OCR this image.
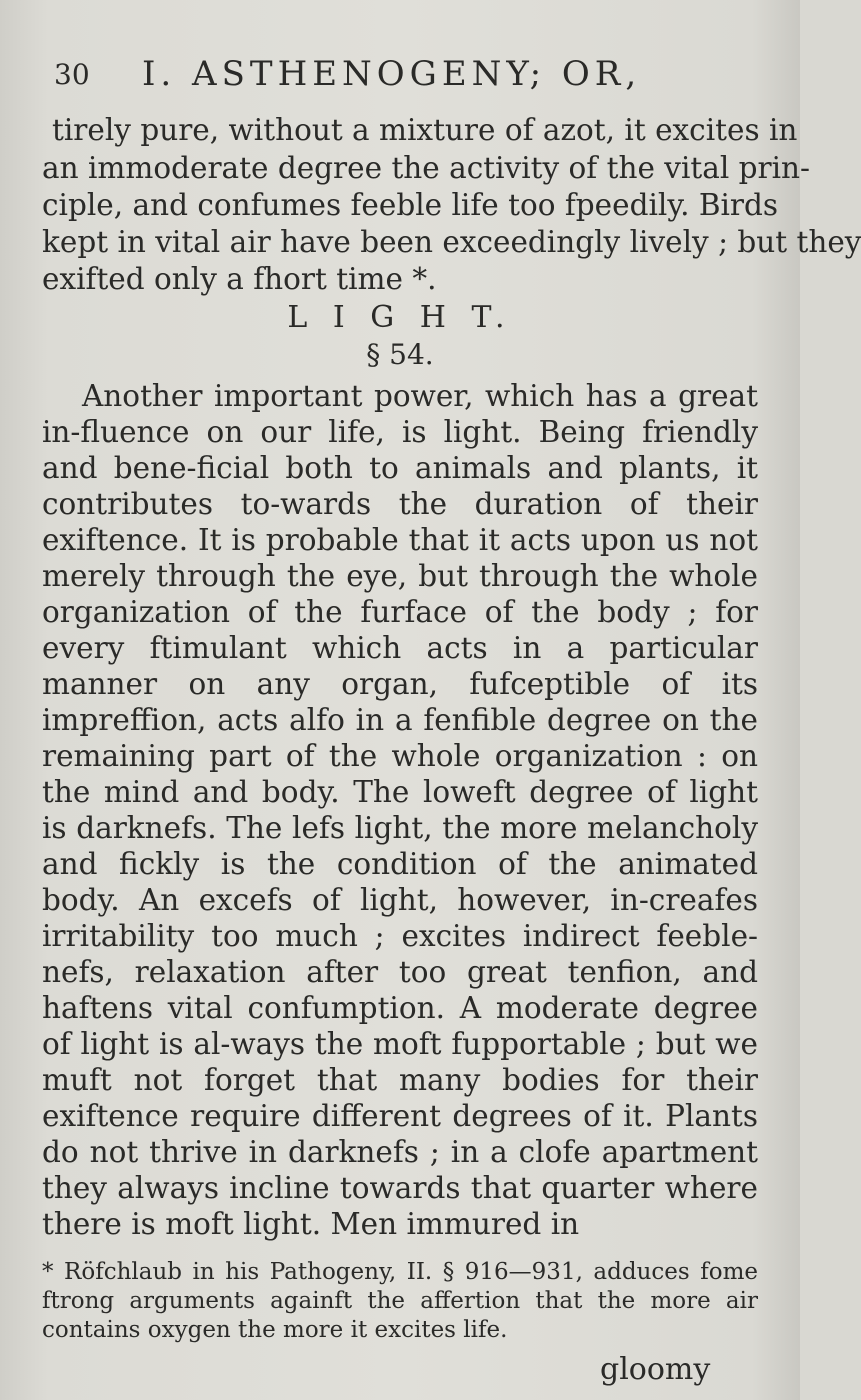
30 I. ASTHENOGENY; OR,
tirely pure, without a mixture of azot, it excites in
an immoderate degree the activity of the vital prin-
ciple, and confumes feeble life too fpeedily. Birds
kept in vital air have been exceedingly lively ; but they
exifted only a fhort time *.
L I G H T.
§ 54.
Another important power, which has a great in-fluence on our life, is light. Being friendly and bene-ficial both to animals and plants, it contributes to-wards the duration of their exiftence. It is probable that it acts upon us not merely through the eye, but through the whole organization of the furface of the body ; for every ftimulant which acts in a particular manner on any organ, fufceptible of its impreffion, acts alfo in a fenfible degree on the remaining part of the whole organization : on the mind and body. The loweft degree of light is darknefs. The lefs light, the more melancholy and fickly is the condition of the animated body. An excefs of light, however, in-creafes irritability too much ; excites indirect feeble-nefs, relaxation after too great tenfion, and haftens vital confumption. A moderate degree of light is al-ways the moft fupportable ; but we muft not forget that many bodies for their exiftence require different degrees of it. Plants do not thrive in darknefs ; in a clofe apartment they always incline towards that quarter where there is moft light. Men immured in
* Röfchlaub in his Pathogeny, II. § 916—931, adduces fome ftrong arguments againft the affertion that the more air contains oxygen the more it excites life.
gloomy
